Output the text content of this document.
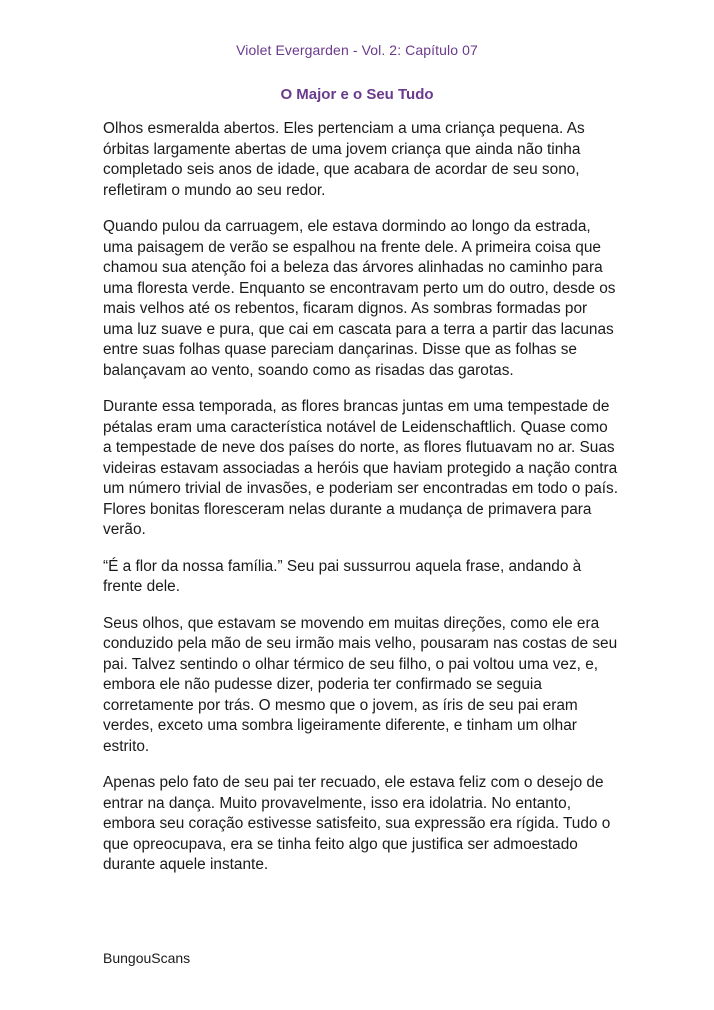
Violet Evergarden - Vol. 2: Capítulo 07
O Major e o Seu Tudo

Olhos esmeralda abertos. Eles pertenciam a uma criança pequena. As órbitas largamente abertas de uma jovem criança que ainda não tinha completado seis anos de idade, que acabara de acordar de seu sono, refletiram o mundo ao seu redor.

Quando pulou da carruagem, ele estava dormindo ao longo da estrada, uma paisagem de verão se espalhou na frente dele. A primeira coisa que chamou sua atenção foi a beleza das árvores alinhadas no caminho para uma floresta verde. Enquanto se encontravam perto um do outro, desde os mais velhos até os rebentos, ficaram dignos. As sombras formadas por uma luz suave e pura, que cai em cascata para a terra a partir das lacunas entre suas folhas quase pareciam dançarinas. Disse que as folhas se balançavam ao vento, soando como as risadas das garotas.

Durante essa temporada, as flores brancas juntas em uma tempestade de pétalas eram uma característica notável de Leidenschaftlich. Quase como a tempestade de neve dos países do norte, as flores flutuavam no ar. Suas videiras estavam associadas a heróis que haviam protegido a nação contra um número trivial de invasões, e poderiam ser encontradas em todo o país. Flores bonitas floresceram nelas durante a mudança de primavera para verão.

“É a flor da nossa família.” Seu pai sussurrou aquela frase, andando à frente dele.

Seus olhos, que estavam se movendo em muitas direções, como ele era conduzido pela mão de seu irmão mais velho, pousaram nas costas de seu pai. Talvez sentindo o olhar térmico de seu filho, o pai voltou uma vez, e, embora ele não pudesse dizer, poderia ter confirmado se seguia corretamente por trás. O mesmo que o jovem, as íris de seu pai eram verdes, exceto uma sombra ligeiramente diferente, e tinham um olhar estrito.

Apenas pelo fato de seu pai ter recuado, ele estava feliz com o desejo de entrar na dança. Muito provavelmente, isso era idolatria. No entanto, embora seu coração estivesse satisfeito, sua expressão era rígida. Tudo o que opreocupava, era se tinha feito algo que justifica ser admoestado durante aquele instante.

BungouScans
